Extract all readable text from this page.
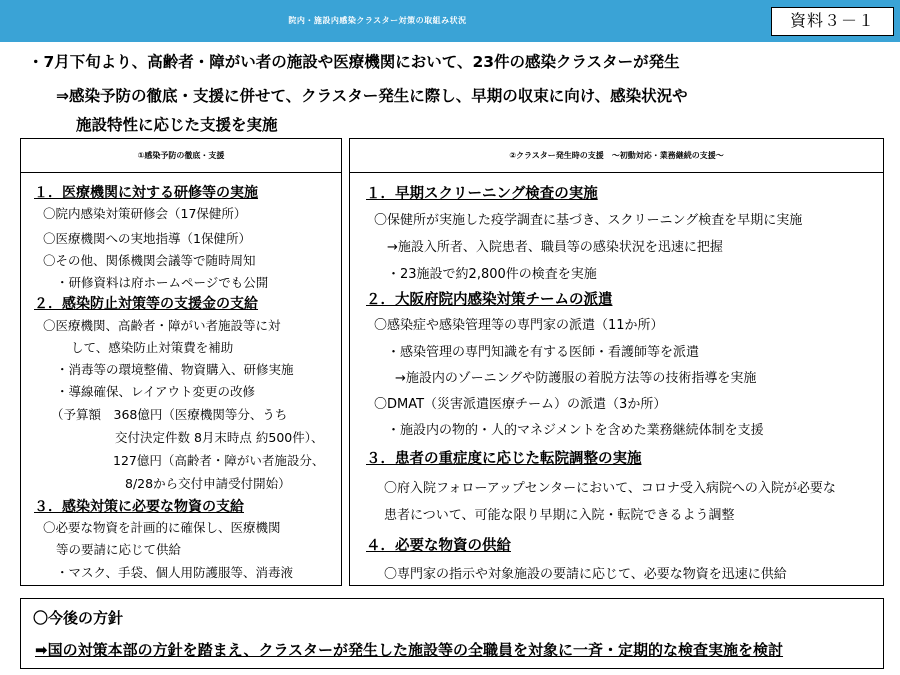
院内・施設内感染クラスター対策の取組み状況	資料３－１
・7月下旬より、高齢者・障がい者の施設や医療機関において、23件の感染クラスターが発生
⇒感染予防の徹底・支援に併せて、クラスター発生に際し、早期の収束に向け、感染状況や
施設特性に応じた支援を実施
①感染予防の徹底・支援
１．医療機関に対する研修等の実施
〇院内感染対策研修会（17保健所）
〇医療機関への実地指導（1保健所）
〇その他、関係機関会議等で随時周知
・研修資料は府ホームページでも公開
２．感染防止対策等の支援金の支給
〇医療機関、高齢者・障がい者施設等に対
して、感染防止対策費を補助
・消毒等の環境整備、物資購入、研修実施
・導線確保、レイアウト変更の改修
（予算額　368億円（医療機関等分、うち
交付決定件数 8月末時点 約500件）、
127億円（高齢者・障がい者施設分、
8/28から交付申請受付開始）
３．感染対策に必要な物資の支給
〇必要な物資を計画的に確保し、医療機関
等の要請に応じて供給
・マスク、手袋、個人用防護服等、消毒液
②クラスター発生時の支援　～初動対応・業務継続の支援～
１．早期スクリーニング検査の実施
〇保健所が実施した疫学調査に基づき、スクリーニング検査を早期に実施
→施設入所者、入院患者、職員等の感染状況を迅速に把握
・23施設で約2,800件の検査を実施
２．大阪府院内感染対策チームの派遣
〇感染症や感染管理等の専門家の派遣（11か所）
・感染管理の専門知識を有する医師・看護師等を派遣
→施設内のゾーニングや防護服の着脱方法等の技術指導を実施
〇DMAT（災害派遣医療チーム）の派遣（3か所）
・施設内の物的・人的マネジメントを含めた業務継続体制を支援
３．患者の重症度に応じた転院調整の実施
〇府入院フォローアップセンターにおいて、コロナ受入病院への入院が必要な
患者について、可能な限り早期に入院・転院できるよう調整
４．必要な物資の供給
〇専門家の指示や対象施設の要請に応じて、必要な物資を迅速に供給
〇今後の方針
➡国の対策本部の方針を踏まえ、クラスターが発生した施設等の全職員を対象に一斉・定期的な検査実施を検討
